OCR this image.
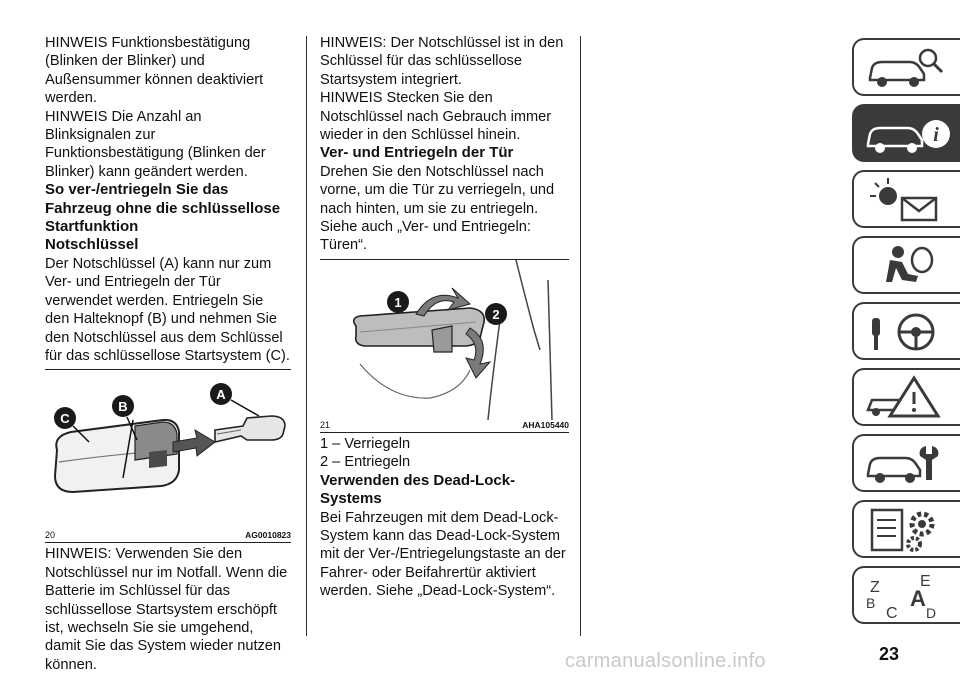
HINWEIS Funktionsbestätigung (Blinken der Blinker) und Außensummer können deaktiviert werden.

HINWEIS Die Anzahl an Blinksignalen zur Funktionsbestätigung (Blinken der Blinker) kann geändert werden.

So ver-/entriegeln Sie das Fahrzeug ohne die schlüssellose Startfunktion
Notschlüssel

Der Notschlüssel (A) kann nur zum Ver- und Entriegeln der Tür verwendet werden. Entriegeln Sie den Halteknopf (B) und nehmen Sie den Notschlüssel aus dem Schlüssel für das schlüssellose Startsystem (C).

C
B
A
20	AG0010823

HINWEIS: Verwenden Sie den Notschlüssel nur im Notfall. Wenn die Batterie im Schlüssel für das schlüssellose Startsystem erschöpft ist, wechseln Sie sie umgehend, damit Sie das System wieder nutzen können.

HINWEIS: Der Notschlüssel ist in den Schlüssel für das schlüssellose Startsystem integriert.

HINWEIS Stecken Sie den Notschlüssel nach Gebrauch immer wieder in den Schlüssel hinein.

Ver- und Entriegeln der Tür

Drehen Sie den Notschlüssel nach vorne, um die Tür zu verriegeln, und nach hinten, um sie zu entriegeln. Siehe auch „Ver- und Entriegeln: Türen“.

1
2
21	AHA105440

1 – Verriegeln

2 – Entriegeln

Verwenden des Dead-Lock-Systems

Bei Fahrzeugen mit dem Dead-Lock-System kann das Dead-Lock-System mit der Ver-/Entriegelungstaste an der Fahrer- oder Beifahrertür aktiviert werden. Siehe „Dead-Lock-System“.

i
Z	E
B A
C D
23
carmanualsonline.info
